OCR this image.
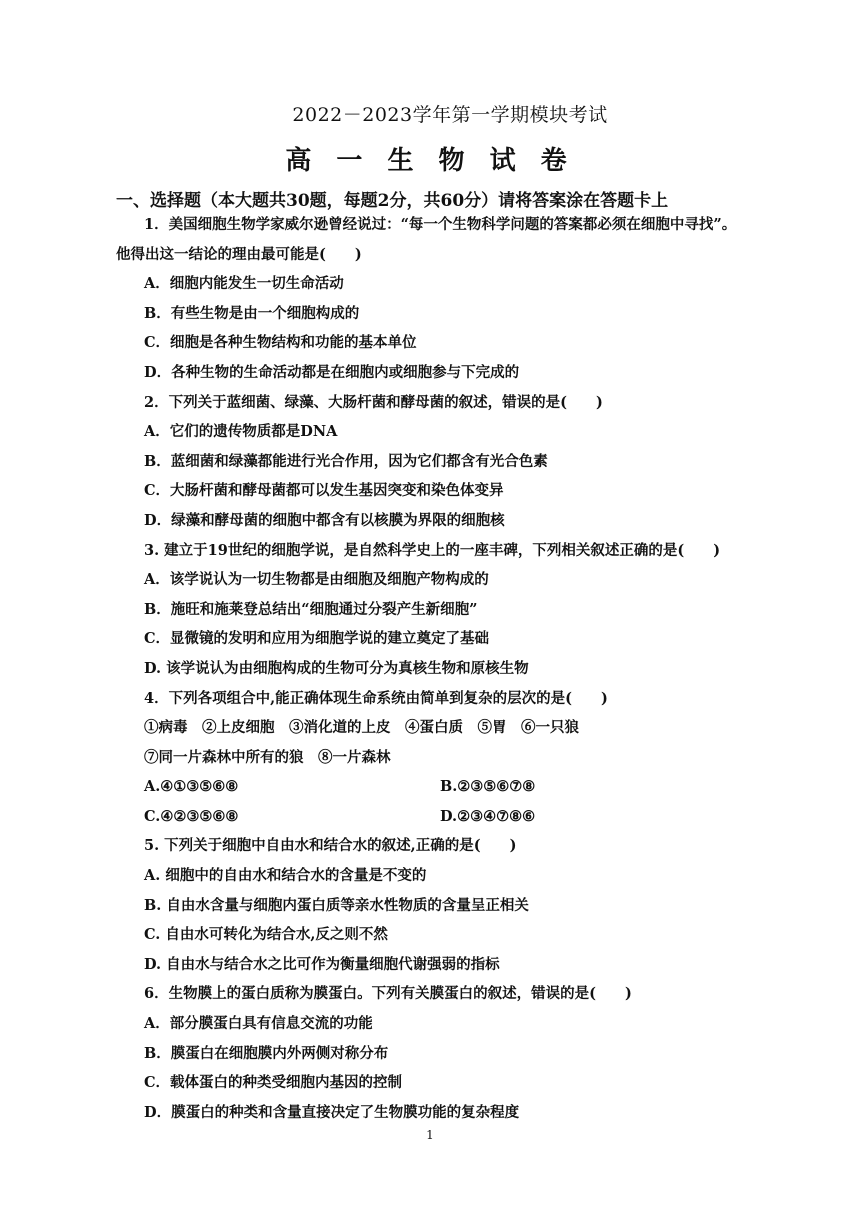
2022－2023学年第一学期模块考试
高 一 生 物 试 卷
一、选择题（本大题共30题，每题2分，共60分）请将答案涂在答题卡上
1．美国细胞生物学家威尔逊曾经说过：“每一个生物科学问题的答案都必须在细胞中寻找”。他得出这一结论的理由最可能是(　　)
A．细胞内能发生一切生命活动
B．有些生物是由一个细胞构成的
C．细胞是各种生物结构和功能的基本单位
D．各种生物的生命活动都是在细胞内或细胞参与下完成的
2．下列关于蓝细菌、绿藻、大肠杆菌和酵母菌的叙述，错误的是(　　)
A．它们的遗传物质都是DNA
B．蓝细菌和绿藻都能进行光合作用，因为它们都含有光合色素
C．大肠杆菌和酵母菌都可以发生基因突变和染色体变异
D．绿藻和酵母菌的细胞中都含有以核膜为界限的细胞核
3. 建立于19世纪的细胞学说，是自然科学史上的一座丰碑，下列相关叙述正确的是(　　)
A．该学说认为一切生物都是由细胞及细胞产物构成的
B．施旺和施莱登总结出“细胞通过分裂产生新细胞”
C．显微镜的发明和应用为细胞学说的建立奠定了基础
D. 该学说认为由细胞构成的生物可分为真核生物和原核生物
4．下列各项组合中,能正确体现生命系统由简单到复杂的层次的是(　　)
①病毒　②上皮细胞　③消化道的上皮　④蛋白质　⑤胃　⑥一只狼
⑦同一片森林中所有的狼　⑧一片森林
A.④①③⑤⑥⑧	B.②③⑤⑥⑦⑧
C.④②③⑤⑥⑧	D.②③④⑦⑧⑥
5. 下列关于细胞中自由水和结合水的叙述,正确的是(　　)
A. 细胞中的自由水和结合水的含量是不变的
B. 自由水含量与细胞内蛋白质等亲水性物质的含量呈正相关
C. 自由水可转化为结合水,反之则不然
D. 自由水与结合水之比可作为衡量细胞代谢强弱的指标
6．生物膜上的蛋白质称为膜蛋白。下列有关膜蛋白的叙述，错误的是(　　)
A．部分膜蛋白具有信息交流的功能
B．膜蛋白在细胞膜内外两侧对称分布
C．载体蛋白的种类受细胞内基因的控制
D．膜蛋白的种类和含量直接决定了生物膜功能的复杂程度
1
